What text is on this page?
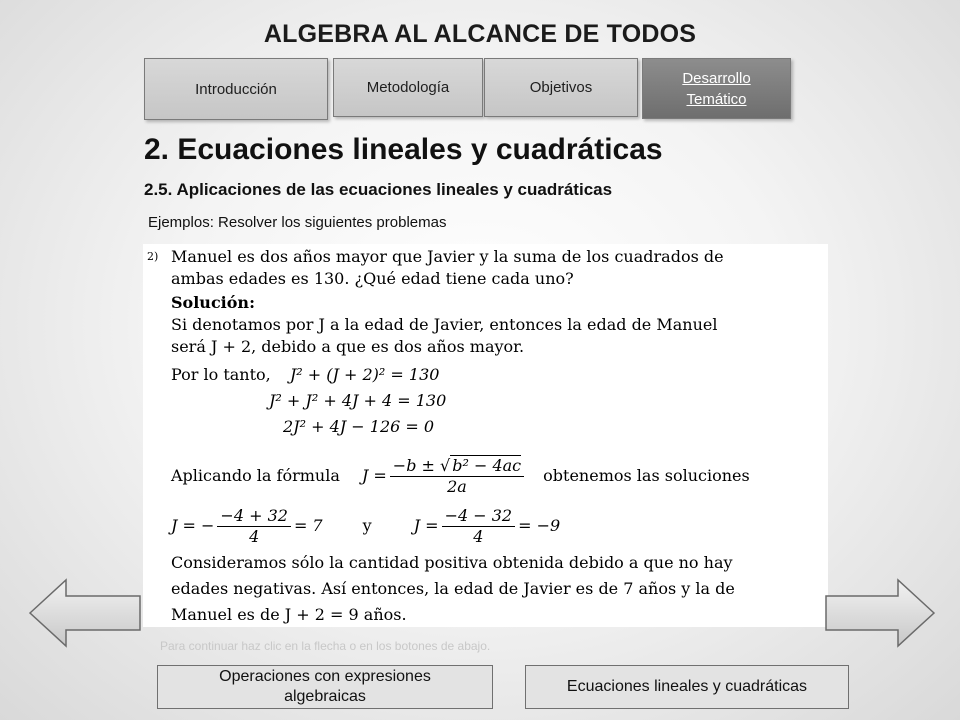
ALGEBRA AL ALCANCE DE TODOS
Introducción	Metodología	Objetivos
Desarrollo
Temático
2. Ecuaciones lineales y cuadráticas
2.5. Aplicaciones de las ecuaciones lineales y cuadráticas
Ejemplos: Resolver los siguientes problemas
2) Manuel es dos años mayor que Javier y la suma de los cuadrados de
ambas edades es 130. ¿Qué edad tiene cada uno?
Solución:
Si denotamos por J a la edad de Javier, entonces la edad de Manuel
será J + 2, debido a que es dos años mayor.
Por lo tanto, J² + (J + 2)² = 130
J² + J² + 4J + 4 = 130
2J² + 4J − 126 = 0
Aplicando la fórmula $J = \frac{\text{−b ± √ b² − 4ac}}{2a}$ obtenemos las soluciones
J = − $\frac{-4 + 32}{4} = 7$	y	$J = \frac{-4 - 32}{4} = -9$
Consideramos sólo la cantidad positiva obtenida debido a que no hay
edades negativas. Así entonces, la edad de Javier es de 7 años y la de
Manuel es de J + 2 = 9 años.
Para continuar haz clic en la flecha o en los botones de abajo.
Operaciones con expresiones
algebraicas
Ecuaciones lineales y cuadráticas
